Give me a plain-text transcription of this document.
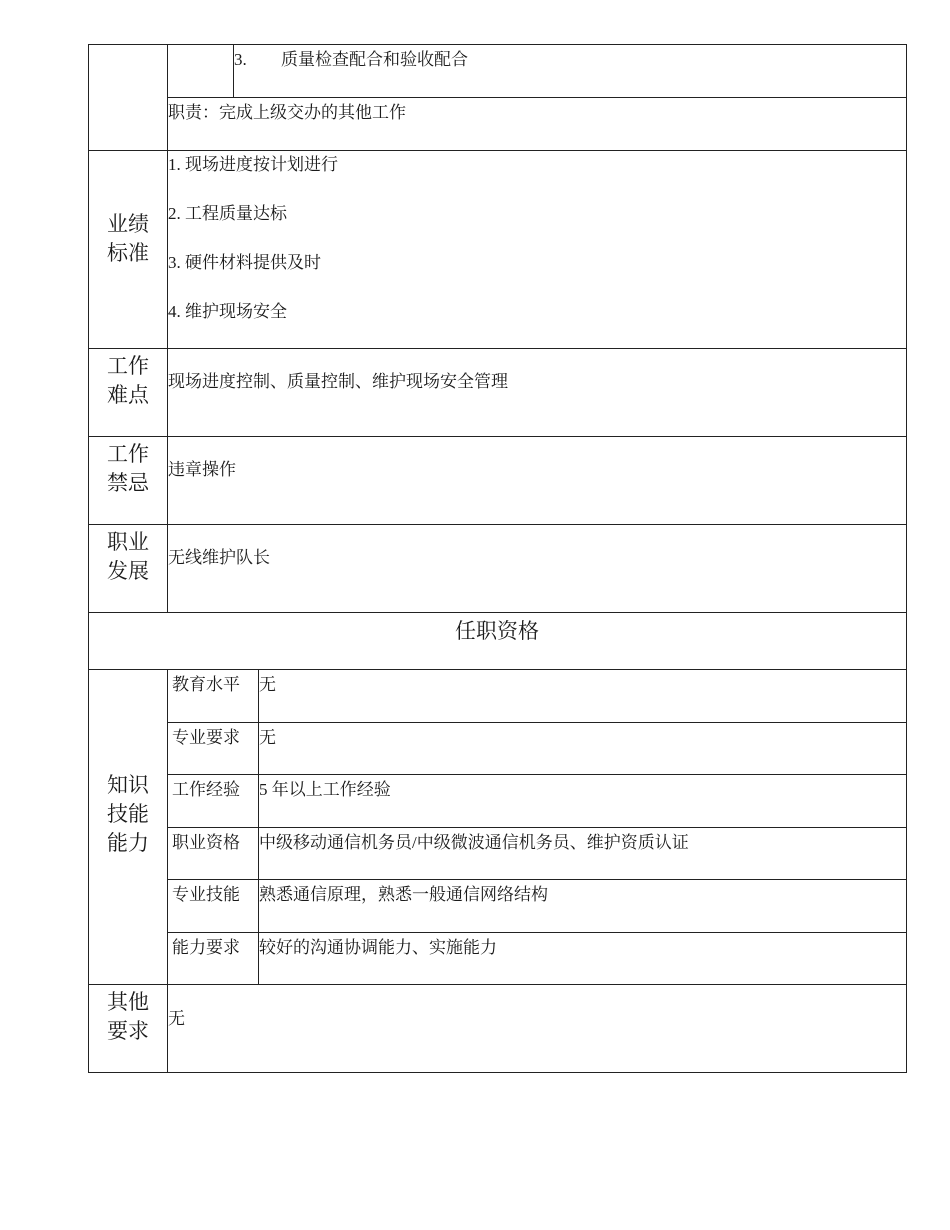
3. 质量检查配合和验收配合
职责：完成上级交办的其他工作
业绩
标准
1. 现场进度按计划进行
2. 工程质量达标
3. 硬件材料提供及时
4. 维护现场安全
工作
难点
现场进度控制、质量控制、维护现场安全管理
工作
禁忌
违章操作
职业
发展
无线维护队长
任职资格
知识
技能
能力
教育水平 无
专业要求 无
工作经验 5 年以上工作经验
职业资格 中级移动通信机务员/中级微波通信机务员、维护资质认证
专业技能 熟悉通信原理，熟悉一般通信网络结构
能力要求 较好的沟通协调能力、实施能力
其他
要求
无
